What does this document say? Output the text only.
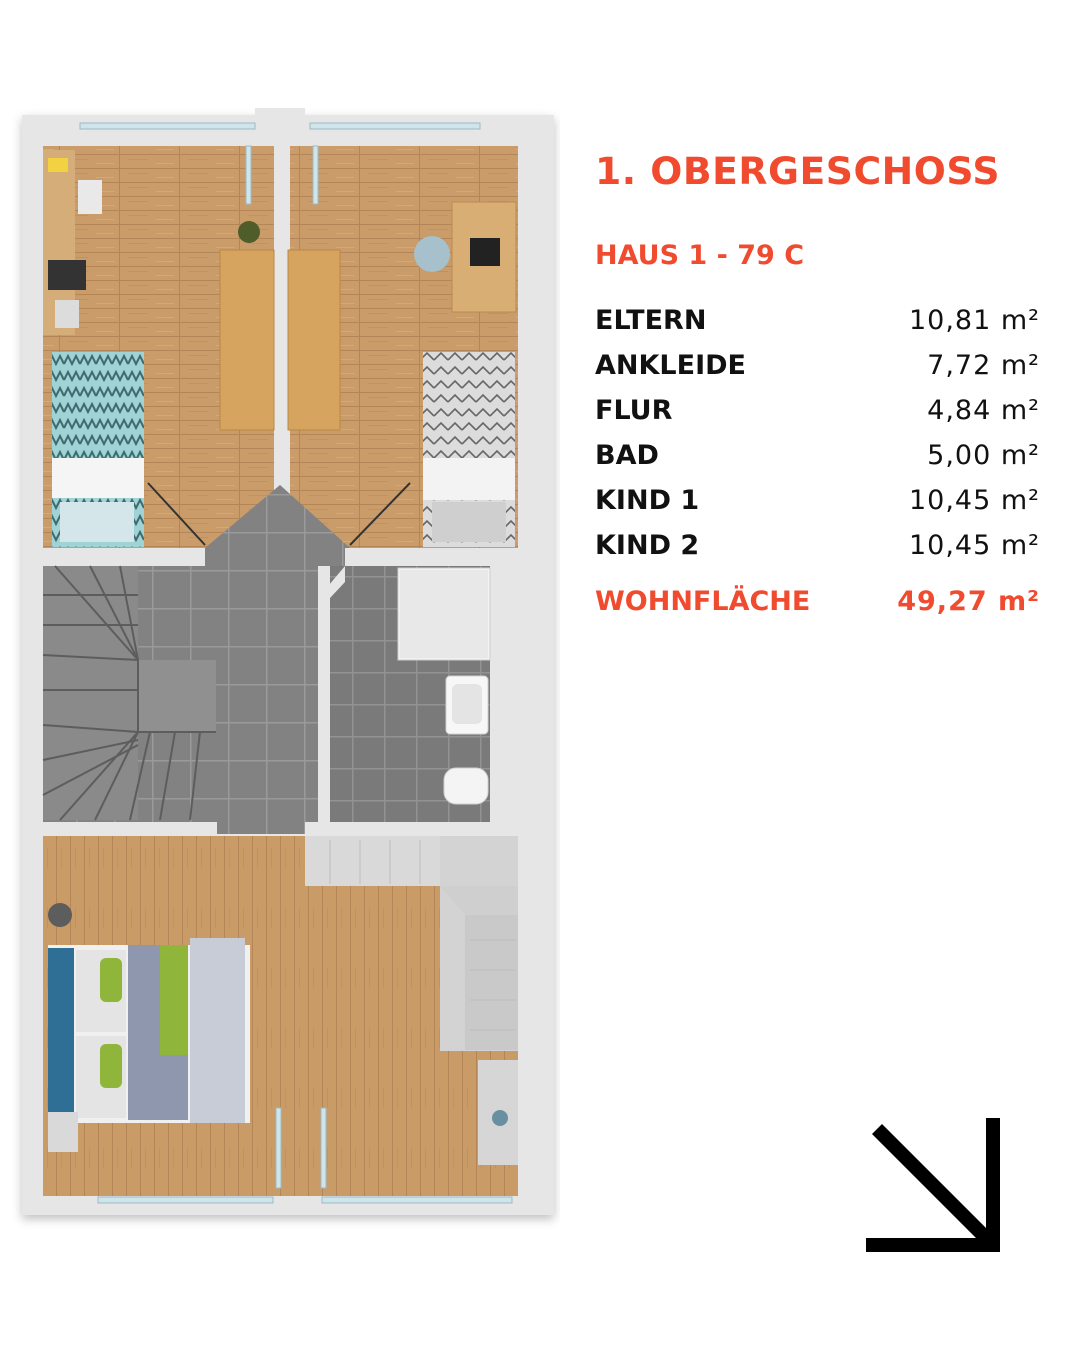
1. OBERGESCHOSS
HAUS 1 - 79 C
ELTERN	10,81 m²
ANKLEIDE	7,72 m²
FLUR	4,84 m²
BAD	5,00 m²
KIND 1	10,45 m²
KIND 2	10,45 m²
WOHNFLÄCHE	49,27 m²
